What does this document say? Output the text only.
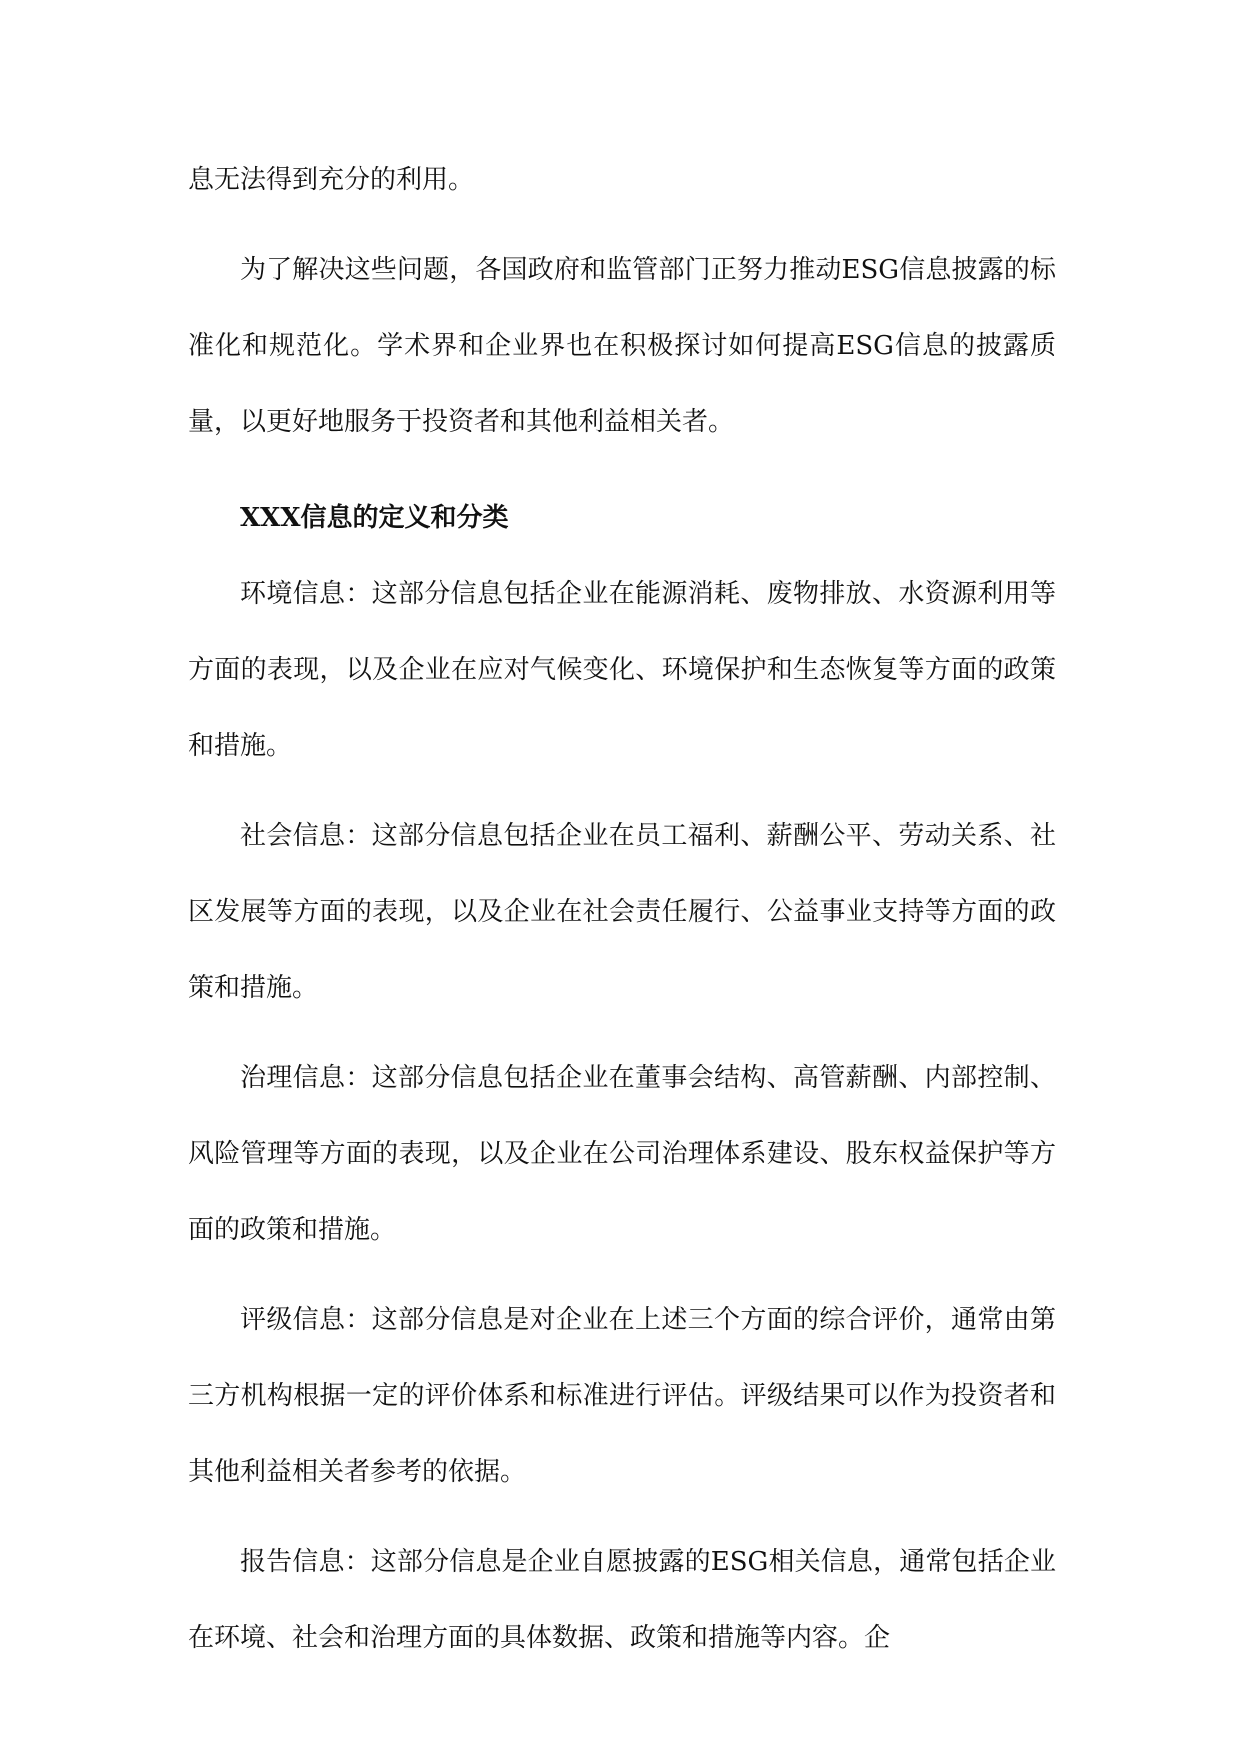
息无法得到充分的利用。

为了解决这些问题，各国政府和监管部门正努力推动ESG信息披露的标准化和规范化。学术界和企业界也在积极探讨如何提高ESG信息的披露质量，以更好地服务于投资者和其他利益相关者。

XXX信息的定义和分类

环境信息：这部分信息包括企业在能源消耗、废物排放、水资源利用等方面的表现，以及企业在应对气候变化、环境保护和生态恢复等方面的政策和措施。

社会信息：这部分信息包括企业在员工福利、薪酬公平、劳动关系、社区发展等方面的表现，以及企业在社会责任履行、公益事业支持等方面的政策和措施。

治理信息：这部分信息包括企业在董事会结构、高管薪酬、内部控制、风险管理等方面的表现，以及企业在公司治理体系建设、股东权益保护等方面的政策和措施。

评级信息：这部分信息是对企业在上述三个方面的综合评价，通常由第三方机构根据一定的评价体系和标准进行评估。评级结果可以作为投资者和其他利益相关者参考的依据。

报告信息：这部分信息是企业自愿披露的ESG相关信息，通常包括企业在环境、社会和治理方面的具体数据、政策和措施等内容。企
